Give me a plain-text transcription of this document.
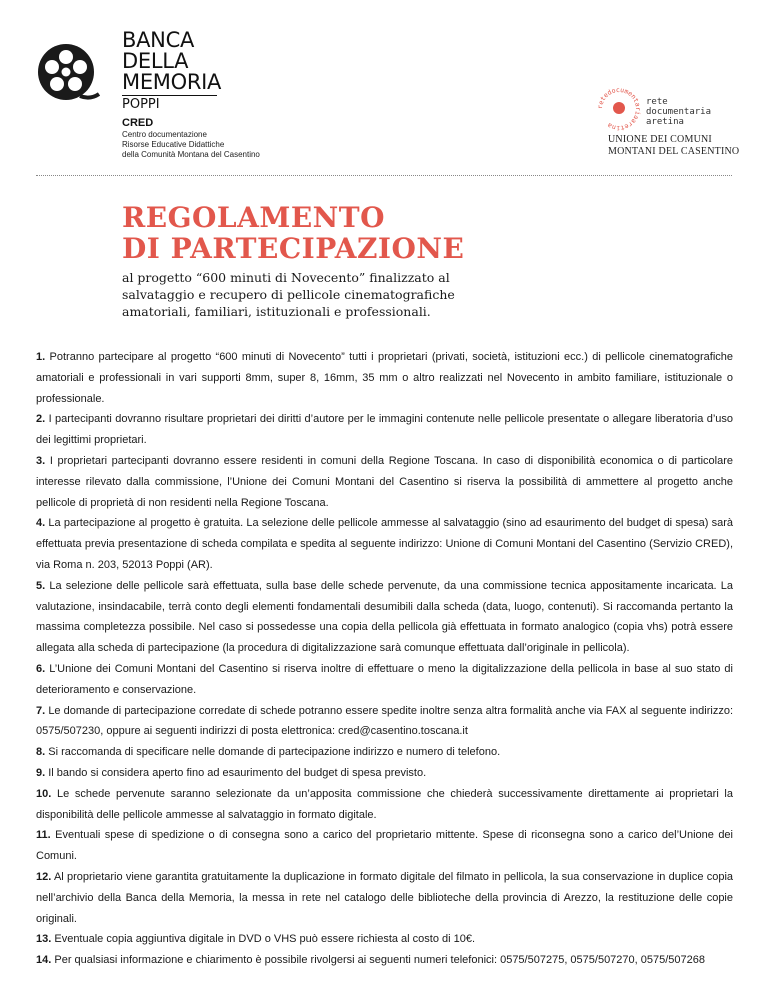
BANCA
DELLA
MEMORIA
POPPI
CRED
Centro documentazione
Risorse Educative Didattiche
della Comunità Montana del Casentino
retedocumentariaaretina
rete
documentaria
aretina
UNIONE DEI COMUNI
MONTANI DEL CASENTINO
REGOLAMENTO
DI PARTECIPAZIONE
al progetto “600 minuti di Novecento” finalizzato al salvataggio e recupero di pellicole cinematografiche amatoriali, familiari, istituzionali e professionali.

1. Potranno partecipare al progetto “600 minuti di Novecento” tutti i proprietari (privati, società, istituzioni ecc.) di pellicole cinematografiche amatoriali e professionali in vari supporti 8mm, super 8, 16mm, 35 mm o altro realizzati nel Novecento in ambito familiare, istituzionale o professionale.

2. I partecipanti dovranno risultare proprietari dei diritti d’autore per le immagini contenute nelle pellicole presentate o allegare liberatoria d’uso dei legittimi proprietari.

3. I proprietari partecipanti dovranno essere residenti in comuni della Regione Toscana. In caso di disponibilità economica o di particolare interesse rilevato dalla commissione, l’Unione dei Comuni Montani del Casentino si riserva la possibilità di ammettere al progetto anche pellicole di proprietà di non residenti nella Regione Toscana.

4. La partecipazione al progetto è gratuita. La selezione delle pellicole ammesse al salvataggio (sino ad esaurimento del budget di spesa) sarà effettuata previa presentazione di scheda compilata e spedita al seguente indirizzo: Unione di Comuni Montani del Casentino (Servizio CRED), via Roma n. 203, 52013 Poppi (AR).

5. La selezione delle pellicole sarà effettuata, sulla base delle schede pervenute, da una commissione tecnica appositamente incaricata. La valutazione, insindacabile, terrà conto degli elementi fondamentali desumibili dalla scheda (data, luogo, contenuti). Si raccomanda pertanto la massima completezza possibile. Nel caso si possedesse una copia della pellicola già effettuata in formato analogico (copia vhs) potrà essere allegata alla scheda di partecipazione (la procedura di digitalizzazione sarà comunque effettuata dall’originale in pellicola).

6. L’Unione dei Comuni Montani del Casentino si riserva inoltre di effettuare o meno la digitalizzazione della pellicola in base al suo stato di deterioramento e conservazione.

7. Le domande di partecipazione corredate di schede potranno essere spedite inoltre senza altra formalità anche via FAX al seguente indirizzo: 0575/507230, oppure ai seguenti indirizzi di posta elettronica: cred@casentino.toscana.it

8. Si raccomanda di specificare nelle domande di partecipazione indirizzo e numero di telefono.

9. Il bando si considera aperto fino ad esaurimento del budget di spesa previsto.

10. Le schede pervenute saranno selezionate da un’apposita commissione che chiederà successivamente direttamente ai proprietari la disponibilità delle pellicole ammesse al salvataggio in formato digitale.

11. Eventuali spese di spedizione o di consegna sono a carico del proprietario mittente. Spese di riconsegna sono a carico del’Unione dei Comuni.

12. Al proprietario viene garantita gratuitamente la duplicazione in formato digitale del filmato in pellicola, la sua conservazione in duplice copia nell’archivio della Banca della Memoria, la messa in rete nel catalogo delle biblioteche della provincia di Arezzo, la restituzione delle copie originali.

13. Eventuale copia aggiuntiva digitale in DVD o VHS può essere richiesta al costo di 10€.

14. Per qualsiasi informazione e chiarimento è possibile rivolgersi ai seguenti numeri telefonici: 0575/507275, 0575/507270, 0575/507268
